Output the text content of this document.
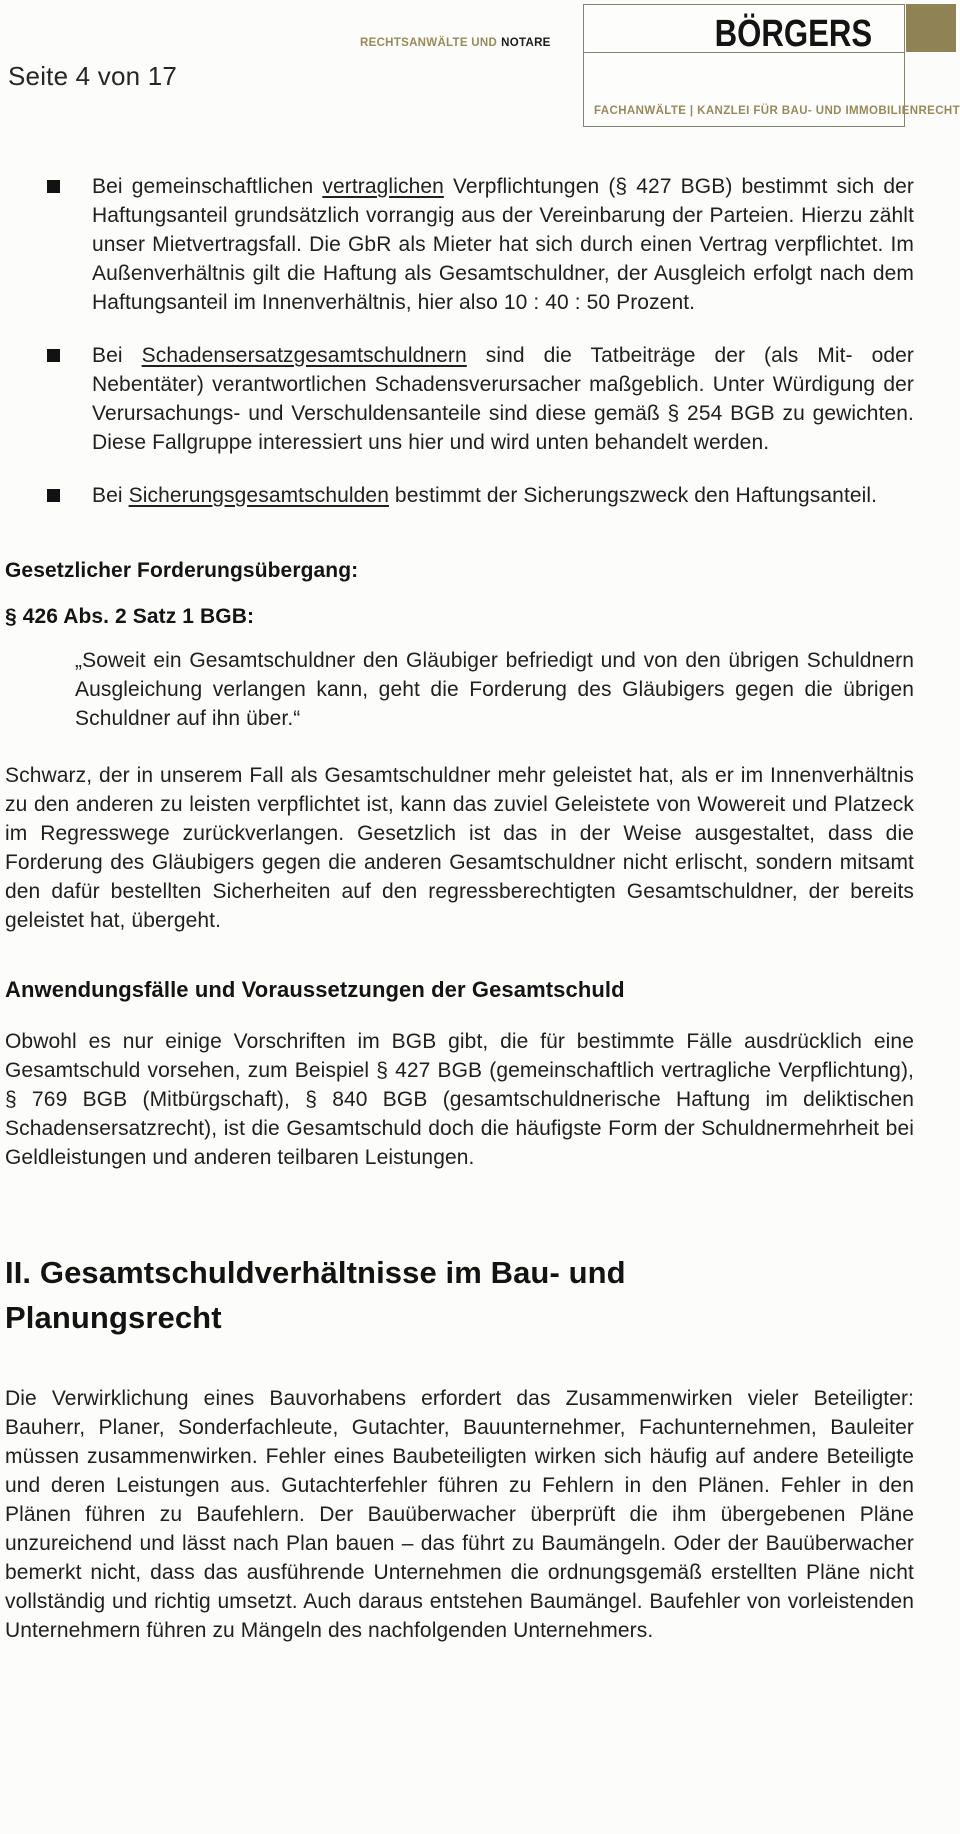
Seite 4 von 17
RECHTSANWÄLTE UND NOTARE	BÖRGERS
FACHANWÄLTE | KANZLEI FÜR BAU- UND IMMOBILIENRECHT
Bei gemeinschaftlichen vertraglichen Verpflichtungen (§ 427 BGB) bestimmt sich der Haftungsanteil grundsätzlich vorrangig aus der Vereinbarung der Parteien. Hierzu zählt unser Mietvertragsfall. Die GbR als Mieter hat sich durch einen Vertrag verpflichtet. Im Außenverhältnis gilt die Haftung als Gesamtschuldner, der Ausgleich erfolgt nach dem Haftungsanteil im Innenverhältnis, hier also 10 : 40 : 50 Prozent.
Bei Schadensersatzgesamtschuldnern sind die Tatbeiträge der (als Mit- oder Nebentäter) verantwortlichen Schadensverursacher maßgeblich. Unter Würdigung der Verursachungs- und Verschuldensanteile sind diese gemäß § 254 BGB zu gewichten. Diese Fallgruppe interessiert uns hier und wird unten behandelt werden.
Bei Sicherungsgesamtschulden bestimmt der Sicherungszweck den Haftungsanteil.
Gesetzlicher Forderungsübergang:
§ 426 Abs. 2 Satz 1 BGB:
„Soweit ein Gesamtschuldner den Gläubiger befriedigt und von den übrigen Schuldnern Ausgleichung verlangen kann, geht die Forderung des Gläubigers gegen die übrigen Schuldner auf ihn über.“
Schwarz, der in unserem Fall als Gesamtschuldner mehr geleistet hat, als er im Innenverhältnis zu den anderen zu leisten verpflichtet ist, kann das zuviel Geleistete von Wowereit und Platzeck im Regresswege zurückverlangen. Gesetzlich ist das in der Weise ausgestaltet, dass die Forderung des Gläubigers gegen die anderen Gesamtschuldner nicht erlischt, sondern mitsamt den dafür bestellten Sicherheiten auf den regressberechtigten Gesamtschuldner, der bereits geleistet hat, übergeht.
Anwendungsfälle und Voraussetzungen der Gesamtschuld
Obwohl es nur einige Vorschriften im BGB gibt, die für bestimmte Fälle ausdrücklich eine Gesamtschuld vorsehen, zum Beispiel § 427 BGB (gemeinschaftlich vertragliche Verpflichtung), § 769 BGB (Mitbürgschaft), § 840 BGB (gesamtschuldnerische Haftung im deliktischen Schadensersatzrecht), ist die Gesamtschuld doch die häufigste Form der Schuldnermehrheit bei Geldleistungen und anderen teilbaren Leistungen.
II. Gesamtschuldverhältnisse im Bau- und
Planungsrecht
Die Verwirklichung eines Bauvorhabens erfordert das Zusammenwirken vieler Beteiligter: Bauherr, Planer, Sonderfachleute, Gutachter, Bauunternehmer, Fachunternehmen, Bauleiter müssen zusammenwirken. Fehler eines Baubeteiligten wirken sich häufig auf andere Beteiligte und deren Leistungen aus. Gutachterfehler führen zu Fehlern in den Plänen. Fehler in den Plänen führen zu Baufehlern. Der Bauüberwacher überprüft die ihm übergebenen Pläne unzureichend und lässt nach Plan bauen – das führt zu Baumängeln. Oder der Bauüberwacher bemerkt nicht, dass das ausführende Unternehmen die ordnungsgemäß erstellten Pläne nicht vollständig und richtig umsetzt. Auch daraus entstehen Baumängel. Baufehler von vorleistenden Unternehmern führen zu Mängeln des nachfolgenden Unternehmers.
